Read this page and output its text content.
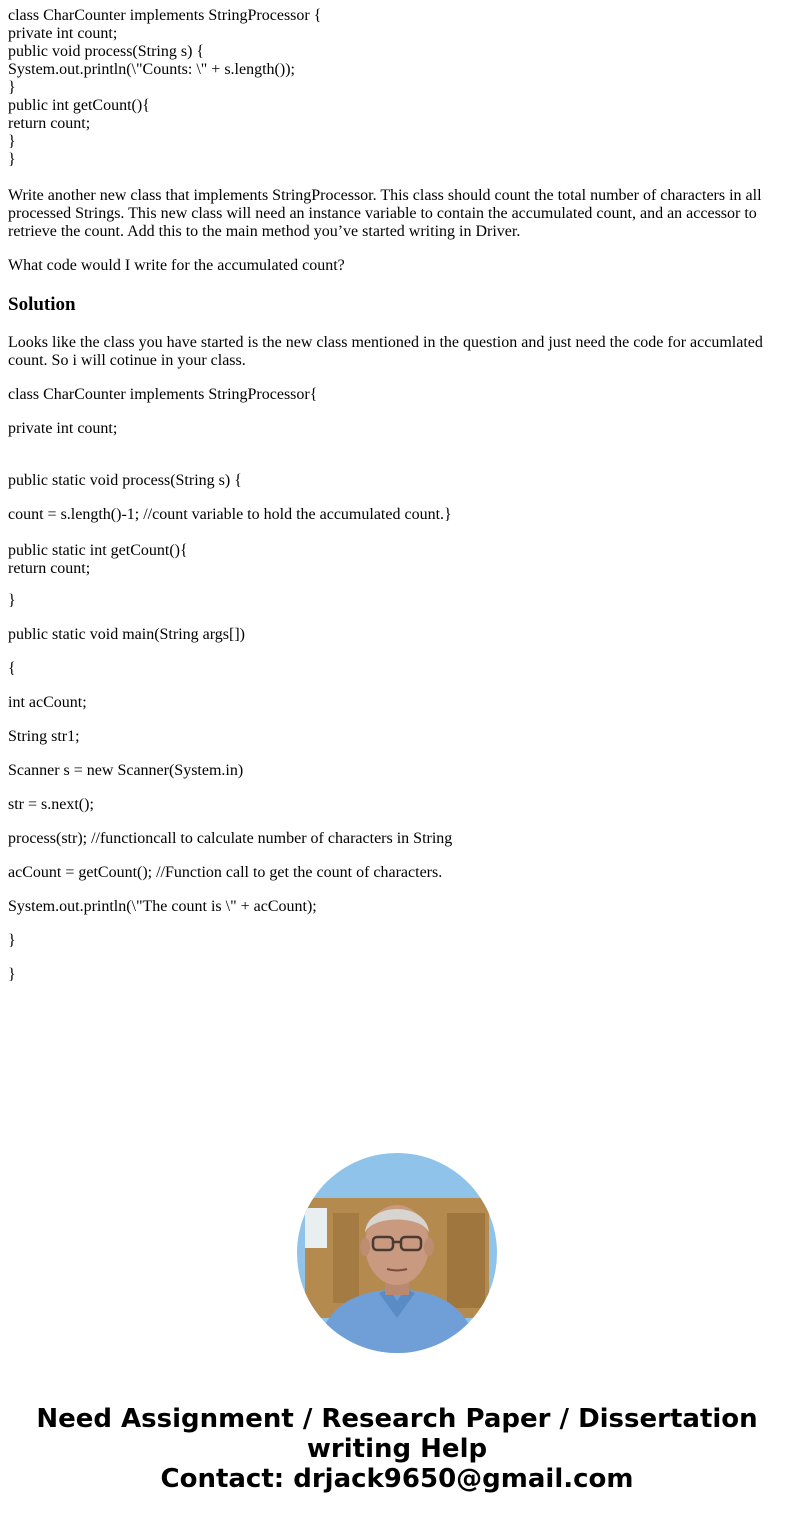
class CharCounter implements StringProcessor {
private int count;
public void process(String s) {
System.out.println(\"Counts: \" + s.length());
}
public int getCount(){
return count;
}
}

Write another new class that implements StringProcessor. This class should count the total number of characters in all processed Strings. This new class will need an instance variable to contain the accumulated count, and an accessor to retrieve the count. Add this to the main method you’ve started writing in Driver.

What code would I write for the accumulated count?

Solution

Looks like the class you have started is the new class mentioned in the question and just need the code for accumlated count. So i will cotinue in your class.

class CharCounter implements StringProcessor{

private int count;

public static void process(String s) {

count = s.length()-1; //count variable to hold the accumulated count.}

public static int getCount(){
return count;

}

public static void main(String args[])

{

int acCount;

String str1;

Scanner s = new Scanner(System.in)

str = s.next();

process(str); //functioncall to calculate number of characters in String

acCount = getCount(); //Function call to get the count of characters.

System.out.println(\"The count is \" + acCount);

}

}

Need Assignment / Research Paper / Dissertation
writing Help
Contact: drjack9650@gmail.com
